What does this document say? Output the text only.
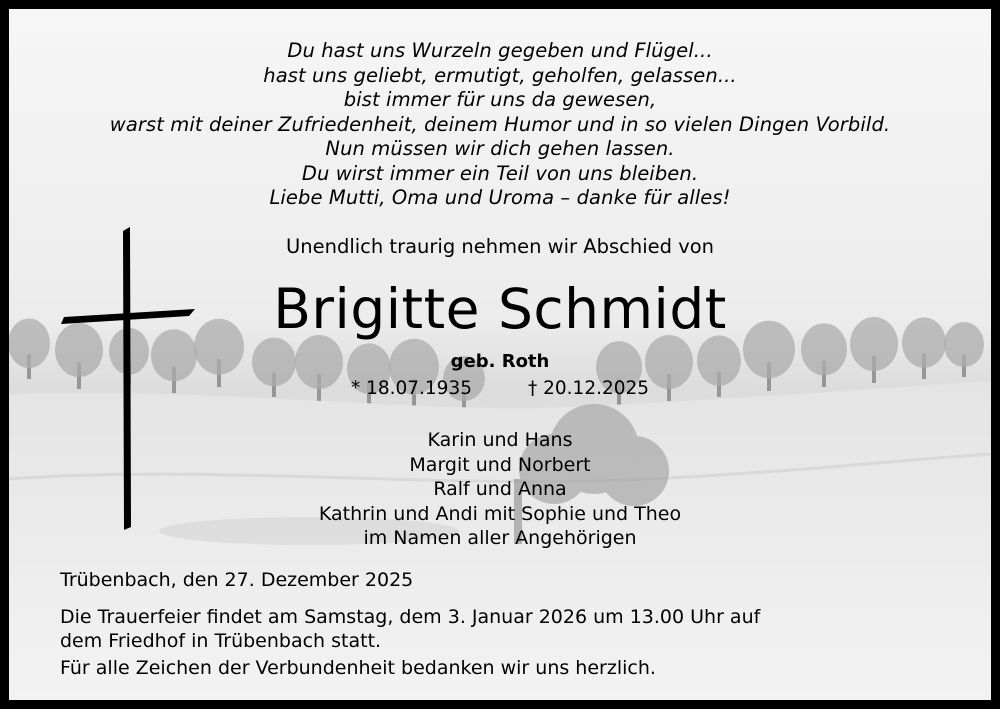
Du hast uns Wurzeln gegeben und Flügel...
hast uns geliebt, ermutigt, geholfen, gelassen...
bist immer für uns da gewesen,
warst mit deiner Zufriedenheit, deinem Humor und in so vielen Dingen Vorbild.
Nun müssen wir dich gehen lassen.
Du wirst immer ein Teil von uns bleiben.
Liebe Mutti, Oma und Uroma – danke für alles!
Unendlich traurig nehmen wir Abschied von
Brigitte Schmidt
geb. Roth
* 18.07.1935	† 20.12.2025
Karin und Hans
Margit und Norbert
Ralf und Anna
Kathrin und Andi mit Sophie und Theo
im Namen aller Angehörigen
Trübenbach, den 27. Dezember 2025
Die Trauerfeier findet am Samstag, dem 3. Januar 2026 um 13.00 Uhr auf
dem Friedhof in Trübenbach statt.
Für alle Zeichen der Verbundenheit bedanken wir uns herzlich.
